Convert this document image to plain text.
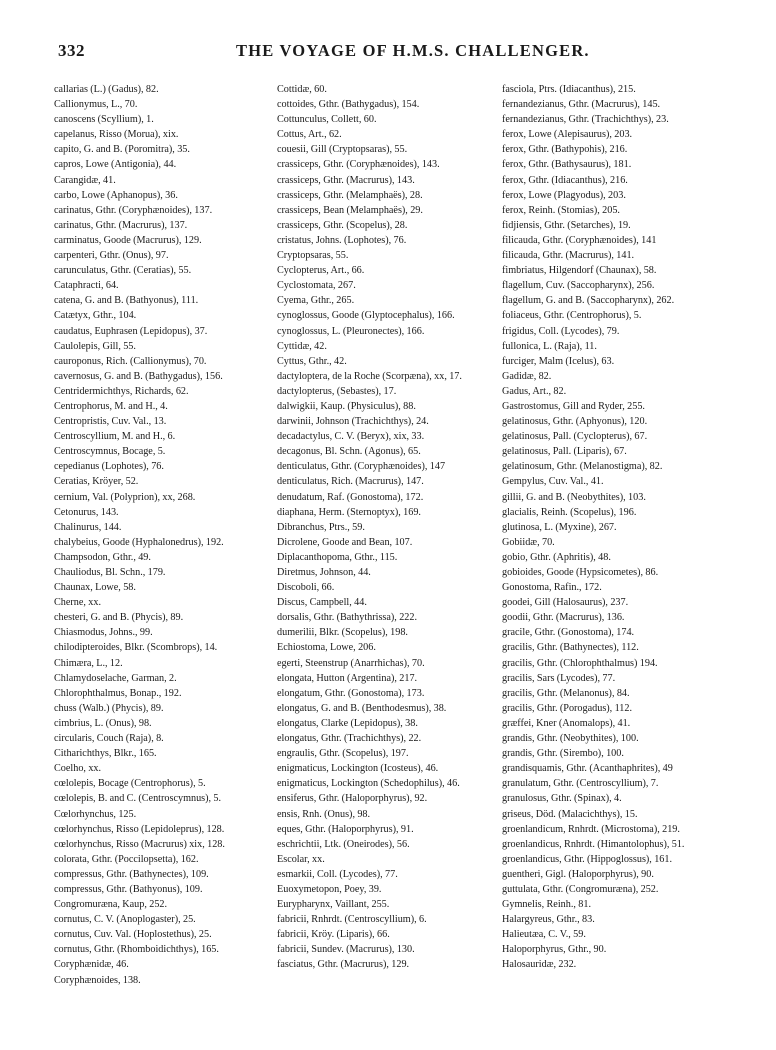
332	THE VOYAGE OF H.M.S. CHALLENGER.
callarias (L.) (Gadus), 82.
Callionymus, L., 70.
canoscens (Scyllium), 1.
capelanus, Risso (Morua), xix.
capito, G. and B. (Poromitra), 35.
capros, Lowe (Antigonia), 44.
Carangidæ, 41.
carbo, Lowe (Aphanopus), 36.
carinatus, Gthr. (Coryphænoides), 137.
carinatus, Gthr. (Macrurus), 137.
carminatus, Goode (Macrurus), 129.
carpenteri, Gthr. (Onus), 97.
carunculatus, Gthr. (Ceratias), 55.
Cataphracti, 64.
catena, G. and B. (Bathyonus), 111.
Catætyx, Gthr., 104.
caudatus, Euphrasen (Lepidopus), 37.
Caulolepis, Gill, 55.
cauroponus, Rich. (Callionymus), 70.
cavernosus, G. and B. (Bathygadus), 156.
Centridermichthys, Richards, 62.
Centrophorus, M. and H., 4.
Centropristis, Cuv. Val., 13.
Centroscyllium, M. and H., 6.
Centroscymnus, Bocage, 5.
cepedianus (Lophotes), 76.
Ceratias, Kröyer, 52.
cernium, Val. (Polyprion), xx, 268.
Cetonurus, 143.
Chalinurus, 144.
chalybeius, Goode (Hyphalonedrus), 192.
Champsodon, Gthr., 49.
Chauliodus, Bl. Schn., 179.
Chaunax, Lowe, 58.
Cherne, xx.
chesteri, G. and B. (Phycis), 89.
Chiasmodus, Johns., 99.
chilodipteroides, Blkr. (Scombrops), 14.
Chimæra, L., 12.
Chlamydoselache, Garman, 2.
Chlorophthalmus, Bonap., 192.
chuss (Walb.) (Phycis), 89.
cimbrius, L. (Onus), 98.
circularis, Couch (Raja), 8.
Citharichthys, Blkr., 165.
Coelho, xx.
cœlolepis, Bocage (Centrophorus), 5.
cœlolepis, B. and C. (Centroscymnus), 5.
Cœlorhynchus, 125.
cœlorhynchus, Risso (Lepidoleprus), 128.
cœlorhynchus, Risso (Macrurus) xix, 128.
colorata, Gthr. (Poccilopsetta), 162.
compressus, Gthr. (Bathynectes), 109.
compressus, Gthr. (Bathyonus), 109.
Congromuræna, Kaup, 252.
cornutus, C. V. (Anoplogaster), 25.
cornutus, Cuv. Val. (Hoplostethus), 25.
cornutus, Gthr. (Rhomboidichthys), 165.
Coryphænidæ, 46.
Coryphænoides, 138.
Cottidæ, 60.
cottoides, Gthr. (Bathygadus), 154.
Cottunculus, Collett, 60.
Cottus, Art., 62.
couesii, Gill (Cryptopsaras), 55.
crassiceps, Gthr. (Coryphænoides), 143.
crassiceps, Gthr. (Macrurus), 143.
crassiceps, Gthr. (Melamphaës), 28.
crassiceps, Bean (Melamphaës), 29.
crassiceps, Gthr. (Scopelus), 28.
cristatus, Johns. (Lophotes), 76.
Cryptopsaras, 55.
Cyclopterus, Art., 66.
Cyclostomata, 267.
Cyema, Gthr., 265.
cynoglossus, Goode (Glyptocephalus), 166.
cynoglossus, L. (Pleuronectes), 166.
Cyttidæ, 42.
Cyttus, Gthr., 42.
dactyloptera, de la Roche (Scorpæna), xx, 17.
dactylopterus, (Sebastes), 17.
dalwigkii, Kaup. (Physiculus), 88.
darwinii, Johnson (Trachichthys), 24.
decadactylus, C. V. (Beryx), xix, 33.
decagonus, Bl. Schn. (Agonus), 65.
denticulatus, Gthr. (Coryphænoides), 147
denticulatus, Rich. (Macrurus), 147.
denudatum, Raf. (Gonostoma), 172.
diaphana, Herm. (Sternoptyx), 169.
Dibranchus, Ptrs., 59.
Dicrolene, Goode and Bean, 107.
Diplacanthopoma, Gthr., 115.
Diretmus, Johnson, 44.
Discoboli, 66.
Discus, Campbell, 44.
dorsalis, Gthr. (Bathythrissa), 222.
dumerilii, Blkr. (Scopelus), 198.
Echiostoma, Lowe, 206.
egerti, Steenstrup (Anarrhichas), 70.
elongata, Hutton (Argentina), 217.
elongatum, Gthr. (Gonostoma), 173.
elongatus, G. and B. (Benthodesmus), 38.
elongatus, Clarke (Lepidopus), 38.
elongatus, Gthr. (Trachichthys), 22.
engraulis, Gthr. (Scopelus), 197.
enigmaticus, Lockington (Icosteus), 46.
enigmaticus, Lockington (Schedophilus), 46.
ensiferus, Gthr. (Haloporphyrus), 92.
ensis, Rnh. (Onus), 98.
eques, Gthr. (Haloporphyrus), 91.
eschrichtii, Ltk. (Oneirodes), 56.
Escolar, xx.
esmarkii, Coll. (Lycodes), 77.
Euoxymetopon, Poey, 39.
Eurypharynx, Vaillant, 255.
fabricii, Rnhrdt. (Centroscyllium), 6.
fabricii, Kröy. (Liparis), 66.
fabricii, Sundev. (Macrurus), 130.
fasciatus, Gthr. (Macrurus), 129.
fasciola, Ptrs. (Idiacanthus), 215.
fernandezianus, Gthr. (Macrurus), 145.
fernandezianus, Gthr. (Trachichthys), 23.
ferox, Lowe (Alepisaurus), 203.
ferox, Gthr. (Bathypohis), 216.
ferox, Gthr. (Bathysaurus), 181.
ferox, Gthr. (Idiacanthus), 216.
ferox, Lowe (Plagyodus), 203.
ferox, Reinh. (Stomias), 205.
fidjiensis, Gthr. (Setarches), 19.
filicauda, Gthr. (Coryphænoides), 141
filicauda, Gthr. (Macrurus), 141.
fimbriatus, Hilgendorf (Chaunax), 58.
flagellum, Cuv. (Saccopharynx), 256.
flagellum, G. and B. (Saccopharynx), 262.
foliaceus, Gthr. (Centrophorus), 5.
frigidus, Coll. (Lycodes), 79.
fullonica, L. (Raja), 11.
furciger, Malm (Icelus), 63.
Gadidæ, 82.
Gadus, Art., 82.
Gastrostomus, Gill and Ryder, 255.
gelatinosus, Gthr. (Aphyonus), 120.
gelatinosus, Pall. (Cyclopterus), 67.
gelatinosus, Pall. (Liparis), 67.
gelatinosum, Gthr. (Melanostigma), 82.
Gempylus, Cuv. Val., 41.
gillii, G. and B. (Neobythites), 103.
glacialis, Reinh. (Scopelus), 196.
glutinosa, L. (Myxine), 267.
Gobiidæ, 70.
gobio, Gthr. (Aphritis), 48.
gobioides, Goode (Hypsicometes), 86.
Gonostoma, Rafin., 172.
goodei, Gill (Halosaurus), 237.
goodii, Gthr. (Macrurus), 136.
gracile, Gthr. (Gonostoma), 174.
gracilis, Gthr. (Bathynectes), 112.
gracilis, Gthr. (Chlorophthalmus) 194.
gracilis, Sars (Lycodes), 77.
gracilis, Gthr. (Melanonus), 84.
gracilis, Gthr. (Porogadus), 112.
græffei, Kner (Anomalops), 41.
grandis, Gthr. (Neobythites), 100.
grandis, Gthr. (Sirembo), 100.
grandisquamis, Gthr. (Acanthaphrites), 49
granulatum, Gthr. (Centroscyllium), 7.
granulosus, Gthr. (Spinax), 4.
griseus, Död. (Malacichthys), 15.
groenlandicum, Rnhrdt. (Microstoma), 219.
groenlandicus, Rnhrdt. (Himantolophus), 51.
groenlandicus, Gthr. (Hippoglossus), 161.
guentheri, Gigl. (Haloporphyrus), 90.
guttulata, Gthr. (Congromuræna), 252.
Gymnelis, Reinh., 81.
Halargyreus, Gthr., 83.
Halieutæa, C. V., 59.
Haloporphyrus, Gthr., 90.
Halosauridæ, 232.
